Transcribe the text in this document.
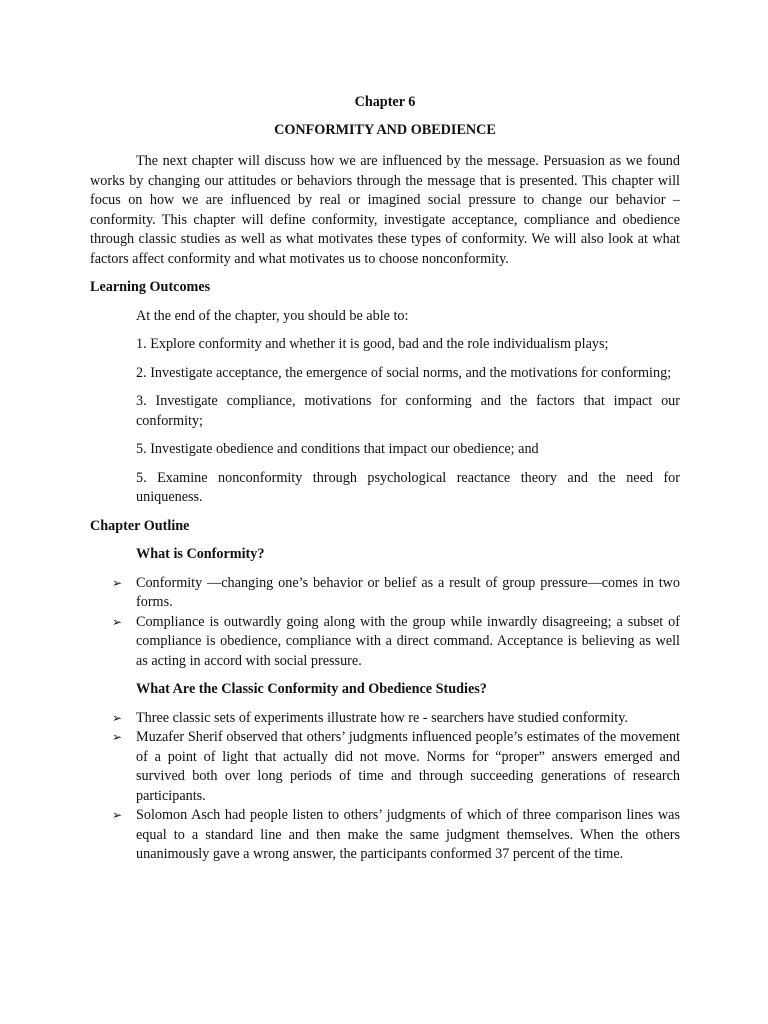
Chapter 6

CONFORMITY AND OBEDIENCE

The next chapter will discuss how we are influenced by the message. Persuasion as we found works by changing our attitudes or behaviors through the message that is presented. This chapter will focus on how we are influenced by real or imagined social pressure to change our behavior – conformity. This chapter will define conformity, investigate acceptance, compliance and obedience through classic studies as well as what motivates these types of conformity. We will also look at what factors affect conformity and what motivates us to choose nonconformity.

Learning Outcomes

At the end of the chapter, you should be able to:

1. Explore conformity and whether it is good, bad and the role individualism plays;

2. Investigate acceptance, the emergence of social norms, and the motivations for conforming;

3. Investigate compliance, motivations for conforming and the factors that impact our conformity;

5. Investigate obedience and conditions that impact our obedience; and

5. Examine nonconformity through psychological reactance theory and the need for uniqueness.

Chapter Outline

What is Conformity?

➢ Conformity —changing one’s behavior or belief as a result of group pressure—comes in two forms.
➢ Compliance is outwardly going along with the group while inwardly disagreeing; a subset of compliance is obedience, compliance with a direct command. Acceptance is believing as well as acting in accord with social pressure.

What Are the Classic Conformity and Obedience Studies?

➢ Three classic sets of experiments illustrate how re - searchers have studied conformity.
➢ Muzafer Sherif observed that others’ judgments influenced people’s estimates of the movement of a point of light that actually did not move. Norms for “proper” answers emerged and survived both over long periods of time and through succeeding generations of research participants.
➢ Solomon Asch had people listen to others’ judgments of which of three comparison lines was equal to a standard line and then make the same judgment themselves. When the others unanimously gave a wrong answer, the participants conformed 37 percent of the time.
